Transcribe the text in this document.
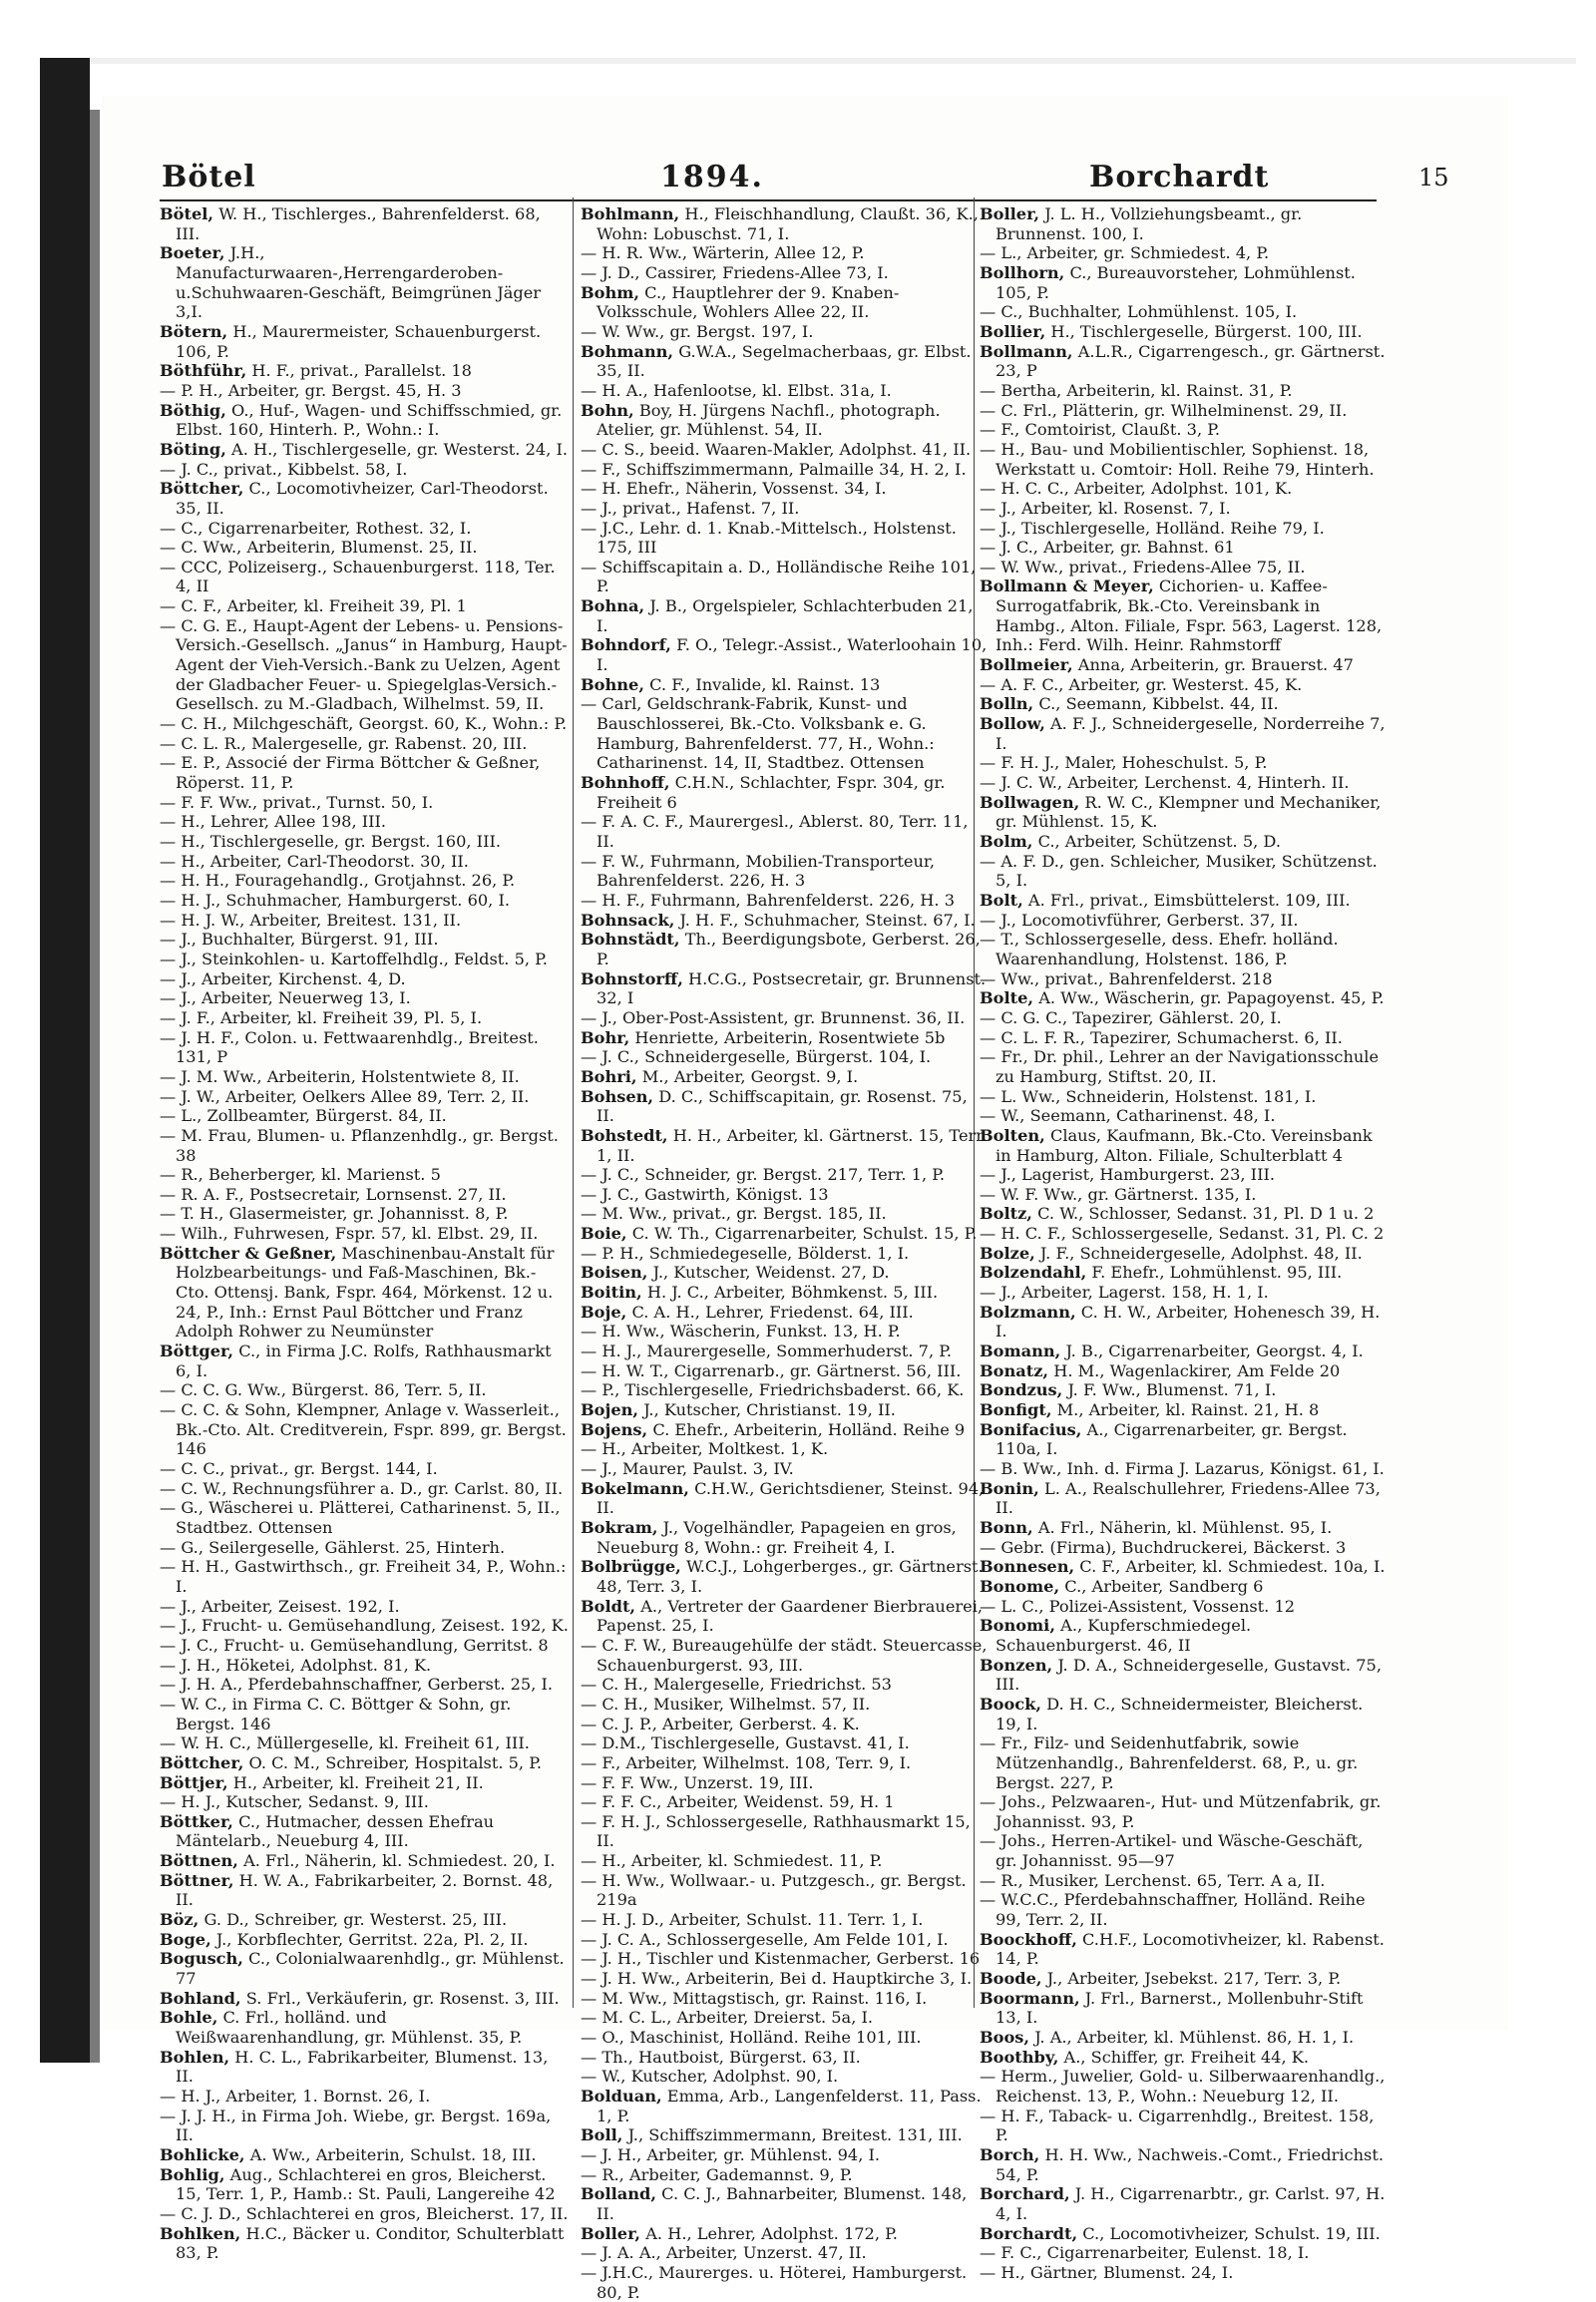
Bötel	1894.	Borchardt	15

Bötel, W. H., Tischlerges., Bahrenfelderst. 68, III.

Boeter, J.H., Manufacturwaaren-,Herrengarderoben- u.Schuhwaaren-Geschäft, Beimgrünen Jäger 3,I.

Bötern, H., Maurermeister, Schauenburgerst. 106, P.

Böthführ, H. F., privat., Parallelst. 18

— P. H., Arbeiter, gr. Bergst. 45, H. 3

Böthig, O., Huf-, Wagen- und Schiffsschmied, gr. Elbst. 160, Hinterh. P., Wohn.: I.

Böting, A. H., Tischlergeselle, gr. Westerst. 24, I.

— J. C., privat., Kibbelst. 58, I.

Böttcher, C., Locomotivheizer, Carl-Theodorst. 35, II.

— C., Cigarrenarbeiter, Rothest. 32, I.

— C. Ww., Arbeiterin, Blumenst. 25, II.

— CCC, Polizeiserg., Schauenburgerst. 118, Ter. 4, II

— C. F., Arbeiter, kl. Freiheit 39, Pl. 1

— C. G. E., Haupt-Agent der Lebens- u. Pensions-Versich.-Gesellsch. „Janus“ in Hamburg, Haupt-Agent der Vieh-Versich.-Bank zu Uelzen, Agent der Gladbacher Feuer- u. Spiegelglas-Versich.-Gesellsch. zu M.-Gladbach, Wilhelmst. 59, II.

— C. H., Milchgeschäft, Georgst. 60, K., Wohn.: P.

— C. L. R., Malergeselle, gr. Rabenst. 20, III.

— E. P., Associé der Firma Böttcher & Geßner, Röperst. 11, P.

— F. F. Ww., privat., Turnst. 50, I.

— H., Lehrer, Allee 198, III.

— H., Tischlergeselle, gr. Bergst. 160, III.

— H., Arbeiter, Carl-Theodorst. 30, II.

— H. H., Fouragehandlg., Grotjahnst. 26, P.

— H. J., Schuhmacher, Hamburgerst. 60, I.

— H. J. W., Arbeiter, Breitest. 131, II.

— J., Buchhalter, Bürgerst. 91, III.

— J., Steinkohlen- u. Kartoffelhdlg., Feldst. 5, P.

— J., Arbeiter, Kirchenst. 4, D.

— J., Arbeiter, Neuerweg 13, I.

— J. F., Arbeiter, kl. Freiheit 39, Pl. 5, I.

— J. H. F., Colon. u. Fettwaarenhdlg., Breitest. 131, P

— J. M. Ww., Arbeiterin, Holstentwiete 8, II.

— J. W., Arbeiter, Oelkers Allee 89, Terr. 2, II.

— L., Zollbeamter, Bürgerst. 84, II.

— M. Frau, Blumen- u. Pflanzenhdlg., gr. Bergst. 38

— R., Beherberger, kl. Marienst. 5

— R. A. F., Postsecretair, Lornsenst. 27, II.

— T. H., Glasermeister, gr. Johannisst. 8, P.

— Wilh., Fuhrwesen, Fspr. 57, kl. Elbst. 29, II.

Böttcher & Geßner, Maschinenbau-Anstalt für Holzbearbeitungs- und Faß-Maschinen, Bk.-Cto. Ottensj. Bank, Fspr. 464, Mörkenst. 12 u. 24, P., Inh.: Ernst Paul Böttcher und Franz Adolph Rohwer zu Neumünster

Böttger, C., in Firma J.C. Rolfs, Rathhausmarkt 6, I.

— C. C. G. Ww., Bürgerst. 86, Terr. 5, II.

— C. C. & Sohn, Klempner, Anlage v. Wasserleit., Bk.-Cto. Alt. Creditverein, Fspr. 899, gr. Bergst. 146

— C. C., privat., gr. Bergst. 144, I.

— C. W., Rechnungsführer a. D., gr. Carlst. 80, II.

— G., Wäscherei u. Plätterei, Catharinenst. 5, II., Stadtbez. Ottensen

— G., Seilergeselle, Gählerst. 25, Hinterh.

— H. H., Gastwirthsch., gr. Freiheit 34, P., Wohn.: I.

— J., Arbeiter, Zeisest. 192, I.

— J., Frucht- u. Gemüsehandlung, Zeisest. 192, K.

— J. C., Frucht- u. Gemüsehandlung, Gerritst. 8

— J. H., Höketei, Adolphst. 81, K.

— J. H. A., Pferdebahnschaffner, Gerberst. 25, I.

— W. C., in Firma C. C. Böttger & Sohn, gr. Bergst. 146

— W. H. C., Müllergeselle, kl. Freiheit 61, III.

Böttcher, O. C. M., Schreiber, Hospitalst. 5, P.

Böttjer, H., Arbeiter, kl. Freiheit 21, II.

— H. J., Kutscher, Sedanst. 9, III.

Böttker, C., Hutmacher, dessen Ehefrau Mäntelarb., Neueburg 4, III.

Böttnen, A. Frl., Näherin, kl. Schmiedest. 20, I.

Böttner, H. W. A., Fabrikarbeiter, 2. Bornst. 48, II.

Böz, G. D., Schreiber, gr. Westerst. 25, III.

Boge, J., Korbflechter, Gerritst. 22a, Pl. 2, II.

Bogusch, C., Colonialwaarenhdlg., gr. Mühlenst. 77

Bohland, S. Frl., Verkäuferin, gr. Rosenst. 3, III.

Bohle, C. Frl., holländ. und Weißwaarenhandlung, gr. Mühlenst. 35, P.

Bohlen, H. C. L., Fabrikarbeiter, Blumenst. 13, II.

— H. J., Arbeiter, 1. Bornst. 26, I.

— J. J. H., in Firma Joh. Wiebe, gr. Bergst. 169a, II.

Bohlicke, A. Ww., Arbeiterin, Schulst. 18, III.

Bohlig, Aug., Schlachterei en gros, Bleicherst. 15, Terr. 1, P., Hamb.: St. Pauli, Langereihe 42

— C. J. D., Schlachterei en gros, Bleicherst. 17, II.

Bohlken, H.C., Bäcker u. Conditor, Schulterblatt 83, P.

Bohlmann, H., Fleischhandlung, Claußt. 36, K., Wohn: Lobuschst. 71, I.

— H. R. Ww., Wärterin, Allee 12, P.

— J. D., Cassirer, Friedens-Allee 73, I.

Bohm, C., Hauptlehrer der 9. Knaben-Volksschule, Wohlers Allee 22, II.

— W. Ww., gr. Bergst. 197, I.

Bohmann, G.W.A., Segelmacherbaas, gr. Elbst. 35, II.

— H. A., Hafenlootse, kl. Elbst. 31a, I.

Bohn, Boy, H. Jürgens Nachfl., photograph. Atelier, gr. Mühlenst. 54, II.

— C. S., beeid. Waaren-Makler, Adolphst. 41, II.

— F., Schiffszimmermann, Palmaille 34, H. 2, I.

— H. Ehefr., Näherin, Vossenst. 34, I.

— J., privat., Hafenst. 7, II.

— J.C., Lehr. d. 1. Knab.-Mittelsch., Holstenst. 175, III

— Schiffscapitain a. D., Holländische Reihe 101, P.

Bohna, J. B., Orgelspieler, Schlachterbuden 21, I.

Bohndorf, F. O., Telegr.-Assist., Waterloohain 10, I.

Bohne, C. F., Invalide, kl. Rainst. 13

— Carl, Geldschrank-Fabrik, Kunst- und Bauschlosserei, Bk.-Cto. Volksbank e. G. Hamburg, Bahrenfelderst. 77, H., Wohn.: Catharinenst. 14, II, Stadtbez. Ottensen

Bohnhoff, C.H.N., Schlachter, Fspr. 304, gr. Freiheit 6

— F. A. C. F., Maurergesl., Ablerst. 80, Terr. 11, II.

— F. W., Fuhrmann, Mobilien-Transporteur, Bahrenfelderst. 226, H. 3

— H. F., Fuhrmann, Bahrenfelderst. 226, H. 3

Bohnsack, J. H. F., Schuhmacher, Steinst. 67, I.

Bohnstädt, Th., Beerdigungsbote, Gerberst. 26, P.

Bohnstorff, H.C.G., Postsecretair, gr. Brunnenst. 32, I

— J., Ober-Post-Assistent, gr. Brunnenst. 36, II.

Bohr, Henriette, Arbeiterin, Rosentwiete 5b

— J. C., Schneidergeselle, Bürgerst. 104, I.

Bohri, M., Arbeiter, Georgst. 9, I.

Bohsen, D. C., Schiffscapitain, gr. Rosenst. 75, II.

Bohstedt, H. H., Arbeiter, kl. Gärtnerst. 15, Terr. 1, II.

— J. C., Schneider, gr. Bergst. 217, Terr. 1, P.

— J. C., Gastwirth, Königst. 13

— M. Ww., privat., gr. Bergst. 185, II.

Boie, C. W. Th., Cigarrenarbeiter, Schulst. 15, P.

— P. H., Schmiedegeselle, Bölderst. 1, I.

Boisen, J., Kutscher, Weidenst. 27, D.

Boitin, H. J. C., Arbeiter, Böhmkenst. 5, III.

Boje, C. A. H., Lehrer, Friedenst. 64, III.

— H. Ww., Wäscherin, Funkst. 13, H. P.

— H. J., Maurergeselle, Sommerhuderst. 7, P.

— H. W. T., Cigarrenarb., gr. Gärtnerst. 56, III.

— P., Tischlergeselle, Friedrichsbaderst. 66, K.

Bojen, J., Kutscher, Christianst. 19, II.

Bojens, C. Ehefr., Arbeiterin, Holländ. Reihe 9

— H., Arbeiter, Moltkest. 1, K.

— J., Maurer, Paulst. 3, IV.

Bokelmann, C.H.W., Gerichtsdiener, Steinst. 94, II.

Bokram, J., Vogelhändler, Papageien en gros, Neueburg 8, Wohn.: gr. Freiheit 4, I.

Bolbrügge, W.C.J., Lohgerberges., gr. Gärtnerst. 48, Terr. 3, I.

Boldt, A., Vertreter der Gaardener Bierbrauerei, Papenst. 25, I.

— C. F. W., Bureaugehülfe der städt. Steuercasse, Schauenburgerst. 93, III.

— C. H., Malergeselle, Friedrichst. 53

— C. H., Musiker, Wilhelmst. 57, II.

— C. J. P., Arbeiter, Gerberst. 4. K.

— D.M., Tischlergeselle, Gustavst. 41, I.

— F., Arbeiter, Wilhelmst. 108, Terr. 9, I.

— F. F. Ww., Unzerst. 19, III.

— F. F. C., Arbeiter, Weidenst. 59, H. 1

— F. H. J., Schlossergeselle, Rathhausmarkt 15, II.

— H., Arbeiter, kl. Schmiedest. 11, P.

— H. Ww., Wollwaar.- u. Putzgesch., gr. Bergst. 219a

— H. J. D., Arbeiter, Schulst. 11. Terr. 1, I.

— J. C. A., Schlossergeselle, Am Felde 101, I.

— J. H., Tischler und Kistenmacher, Gerberst. 16

— J. H. Ww., Arbeiterin, Bei d. Hauptkirche 3, I.

— M. Ww., Mittagstisch, gr. Rainst. 116, I.

— M. C. L., Arbeiter, Dreierst. 5a, I.

— O., Maschinist, Holländ. Reihe 101, III.

— Th., Hautboist, Bürgerst. 63, II.

— W., Kutscher, Adolphst. 90, I.

Bolduan, Emma, Arb., Langenfelderst. 11, Pass. 1, P.

Boll, J., Schiffszimmermann, Breitest. 131, III.

— J. H., Arbeiter, gr. Mühlenst. 94, I.

— R., Arbeiter, Gademannst. 9, P.

Bolland, C. C. J., Bahnarbeiter, Blumenst. 148, II.

Boller, A. H., Lehrer, Adolphst. 172, P.

— J. A. A., Arbeiter, Unzerst. 47, II.

— J.H.C., Maurerges. u. Höterei, Hamburgerst. 80, P.

Boller, J. L. H., Vollziehungsbeamt., gr. Brunnenst. 100, I.

— L., Arbeiter, gr. Schmiedest. 4, P.

Bollhorn, C., Bureauvorsteher, Lohmühlenst. 105, P.

— C., Buchhalter, Lohmühlenst. 105, I.

Bollier, H., Tischlergeselle, Bürgerst. 100, III.

Bollmann, A.L.R., Cigarrengesch., gr. Gärtnerst. 23, P

— Bertha, Arbeiterin, kl. Rainst. 31, P.

— C. Frl., Plätterin, gr. Wilhelminenst. 29, II.

— F., Comtoirist, Claußt. 3, P.

— H., Bau- und Mobilientischler, Sophienst. 18, Werkstatt u. Comtoir: Holl. Reihe 79, Hinterh.

— H. C. C., Arbeiter, Adolphst. 101, K.

— J., Arbeiter, kl. Rosenst. 7, I.

— J., Tischlergeselle, Holländ. Reihe 79, I.

— J. C., Arbeiter, gr. Bahnst. 61

— W. Ww., privat., Friedens-Allee 75, II.

Bollmann & Meyer, Cichorien- u. Kaffee-Surrogatfabrik, Bk.-Cto. Vereinsbank in Hambg., Alton. Filiale, Fspr. 563, Lagerst. 128, Inh.: Ferd. Wilh. Heinr. Rahmstorff

Bollmeier, Anna, Arbeiterin, gr. Brauerst. 47

— A. F. C., Arbeiter, gr. Westerst. 45, K.

Bolln, C., Seemann, Kibbelst. 44, II.

Bollow, A. F. J., Schneidergeselle, Norderreihe 7, I.

— F. H. J., Maler, Hoheschulst. 5, P.

— J. C. W., Arbeiter, Lerchenst. 4, Hinterh. II.

Bollwagen, R. W. C., Klempner und Mechaniker, gr. Mühlenst. 15, K.

Bolm, C., Arbeiter, Schützenst. 5, D.

— A. F. D., gen. Schleicher, Musiker, Schützenst. 5, I.

Bolt, A. Frl., privat., Eimsbüttelerst. 109, III.

— J., Locomotivführer, Gerberst. 37, II.

— T., Schlossergeselle, dess. Ehefr. holländ. Waarenhandlung, Holstenst. 186, P.

— Ww., privat., Bahrenfelderst. 218

Bolte, A. Ww., Wäscherin, gr. Papagoyenst. 45, P.

— C. G. C., Tapezirer, Gählerst. 20, I.

— C. L. F. R., Tapezirer, Schumacherst. 6, II.

— Fr., Dr. phil., Lehrer an der Navigationsschule zu Hamburg, Stiftst. 20, II.

— L. Ww., Schneiderin, Holstenst. 181, I.

— W., Seemann, Catharinenst. 48, I.

Bolten, Claus, Kaufmann, Bk.-Cto. Vereinsbank in Hamburg, Alton. Filiale, Schulterblatt 4

— J., Lagerist, Hamburgerst. 23, III.

— W. F. Ww., gr. Gärtnerst. 135, I.

Boltz, C. W., Schlosser, Sedanst. 31, Pl. D 1 u. 2

— H. C. F., Schlossergeselle, Sedanst. 31, Pl. C. 2

Bolze, J. F., Schneidergeselle, Adolphst. 48, II.

Bolzendahl, F. Ehefr., Lohmühlenst. 95, III.

— J., Arbeiter, Lagerst. 158, H. 1, I.

Bolzmann, C. H. W., Arbeiter, Hohenesch 39, H. I.

Bomann, J. B., Cigarrenarbeiter, Georgst. 4, I.

Bonatz, H. M., Wagenlackirer, Am Felde 20

Bondzus, J. F. Ww., Blumenst. 71, I.

Bonfigt, M., Arbeiter, kl. Rainst. 21, H. 8

Bonifacius, A., Cigarrenarbeiter, gr. Bergst. 110a, I.

— B. Ww., Inh. d. Firma J. Lazarus, Königst. 61, I.

Bonin, L. A., Realschullehrer, Friedens-Allee 73, II.

Bonn, A. Frl., Näherin, kl. Mühlenst. 95, I.

— Gebr. (Firma), Buchdruckerei, Bäckerst. 3

Bonnesen, C. F., Arbeiter, kl. Schmiedest. 10a, I.

Bonome, C., Arbeiter, Sandberg 6

— L. C., Polizei-Assistent, Vossenst. 12

Bonomi, A., Kupferschmiedegel. Schauenburgerst. 46, II

Bonzen, J. D. A., Schneidergeselle, Gustavst. 75, III.

Boock, D. H. C., Schneidermeister, Bleicherst. 19, I.

— Fr., Filz- und Seidenhutfabrik, sowie Mützenhandlg., Bahrenfelderst. 68, P., u. gr. Bergst. 227, P.

— Johs., Pelzwaaren-, Hut- und Mützenfabrik, gr. Johannisst. 93, P.

— Johs., Herren-Artikel- und Wäsche-Geschäft, gr. Johannisst. 95—97

— R., Musiker, Lerchenst. 65, Terr. A a, II.

— W.C.C., Pferdebahnschaffner, Holländ. Reihe 99, Terr. 2, II.

Boockhoff, C.H.F., Locomotivheizer, kl. Rabenst. 14, P.

Boode, J., Arbeiter, Jsebekst. 217, Terr. 3, P.

Boormann, J. Frl., Barnerst., Mollenbuhr-Stift 13, I.

Boos, J. A., Arbeiter, kl. Mühlenst. 86, H. 1, I.

Boothby, A., Schiffer, gr. Freiheit 44, K.

— Herm., Juwelier, Gold- u. Silberwaarenhandlg., Reichenst. 13, P., Wohn.: Neueburg 12, II.

— H. F., Taback- u. Cigarrenhdlg., Breitest. 158, P.

Borch, H. H. Ww., Nachweis.-Comt., Friedrichst. 54, P.

Borchard, J. H., Cigarrenarbtr., gr. Carlst. 97, H. 4, I.

Borchardt, C., Locomotivheizer, Schulst. 19, III.

— F. C., Cigarrenarbeiter, Eulenst. 18, I.

— H., Gärtner, Blumenst. 24, I.
